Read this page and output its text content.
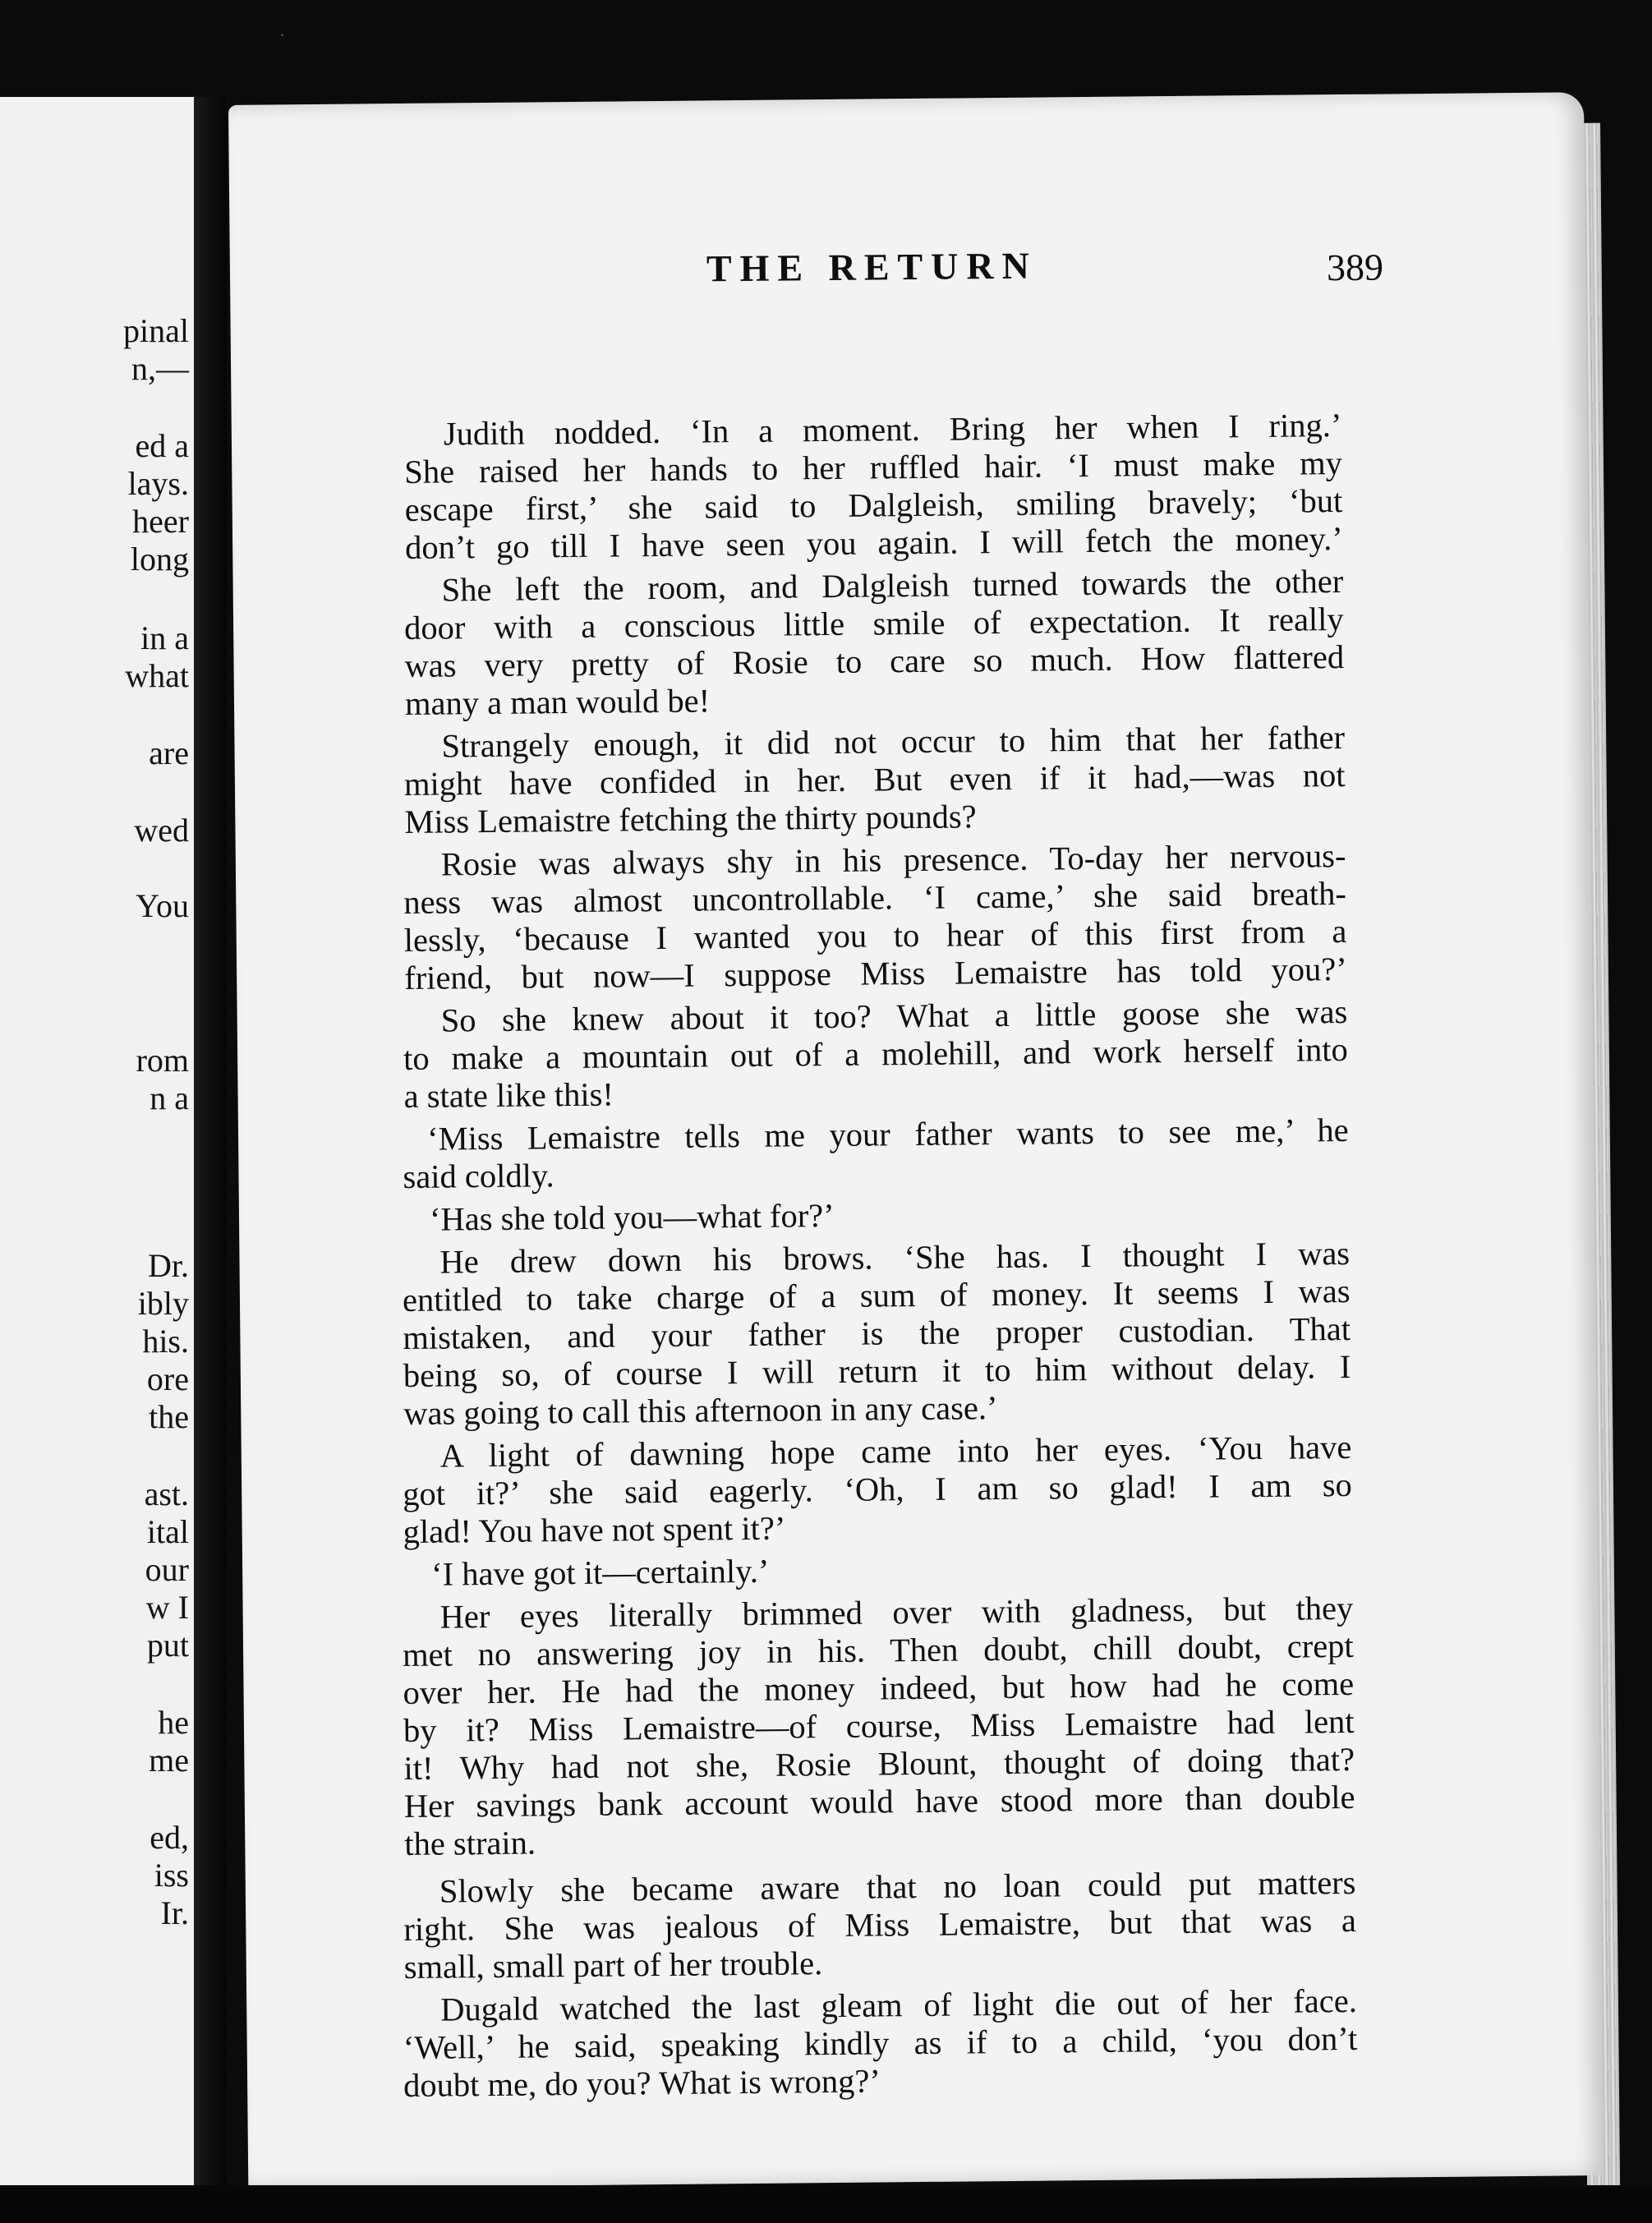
·
pinal
n,—
ed a
lays.
heer
long
in a
what
are
wed
You
rom
n a
Dr.
ibly
his.
ore
the
ast.
ital
our
w I
put
he
me
ed,
iss
Ir.
THE RETURN	389
Judith nodded. ‘In a moment. Bring her when I ring.’
She raised her hands to her ruffled hair. ‘I must make my
escape first,’ she said to Dalgleish, smiling bravely; ‘but
don’t go till I have seen you again. I will fetch the money.’
She left the room, and Dalgleish turned towards the other
door with a conscious little smile of expectation. It really
was very pretty of Rosie to care so much. How flattered
many a man would be!
Strangely enough, it did not occur to him that her father
might have confided in her. But even if it had,—was not
Miss Lemaistre fetching the thirty pounds?
Rosie was always shy in his presence. To-day her nervous-
ness was almost uncontrollable. ‘I came,’ she said breath-
lessly, ‘because I wanted you to hear of this first from a
friend, but now—I suppose Miss Lemaistre has told you?’
So she knew about it too? What a little goose she was
to make a mountain out of a molehill, and work herself into
a state like this!
‘Miss Lemaistre tells me your father wants to see me,’ he
said coldly.
‘Has she told you—what for?’
He drew down his brows. ‘She has. I thought I was
entitled to take charge of a sum of money. It seems I was
mistaken, and your father is the proper custodian. That
being so, of course I will return it to him without delay. I
was going to call this afternoon in any case.’
A light of dawning hope came into her eyes. ‘You have
got it?’ she said eagerly. ‘Oh, I am so glad! I am so
glad! You have not spent it?’
‘I have got it—certainly.’
Her eyes literally brimmed over with gladness, but they
met no answering joy in his. Then doubt, chill doubt, crept
over her. He had the money indeed, but how had he come
by it? Miss Lemaistre—of course, Miss Lemaistre had lent
it! Why had not she, Rosie Blount, thought of doing that?
Her savings bank account would have stood more than double
the strain.
Slowly she became aware that no loan could put matters
right. She was jealous of Miss Lemaistre, but that was a
small, small part of her trouble.
Dugald watched the last gleam of light die out of her face.
‘Well,’ he said, speaking kindly as if to a child, ‘you don’t
doubt me, do you? What is wrong?’
